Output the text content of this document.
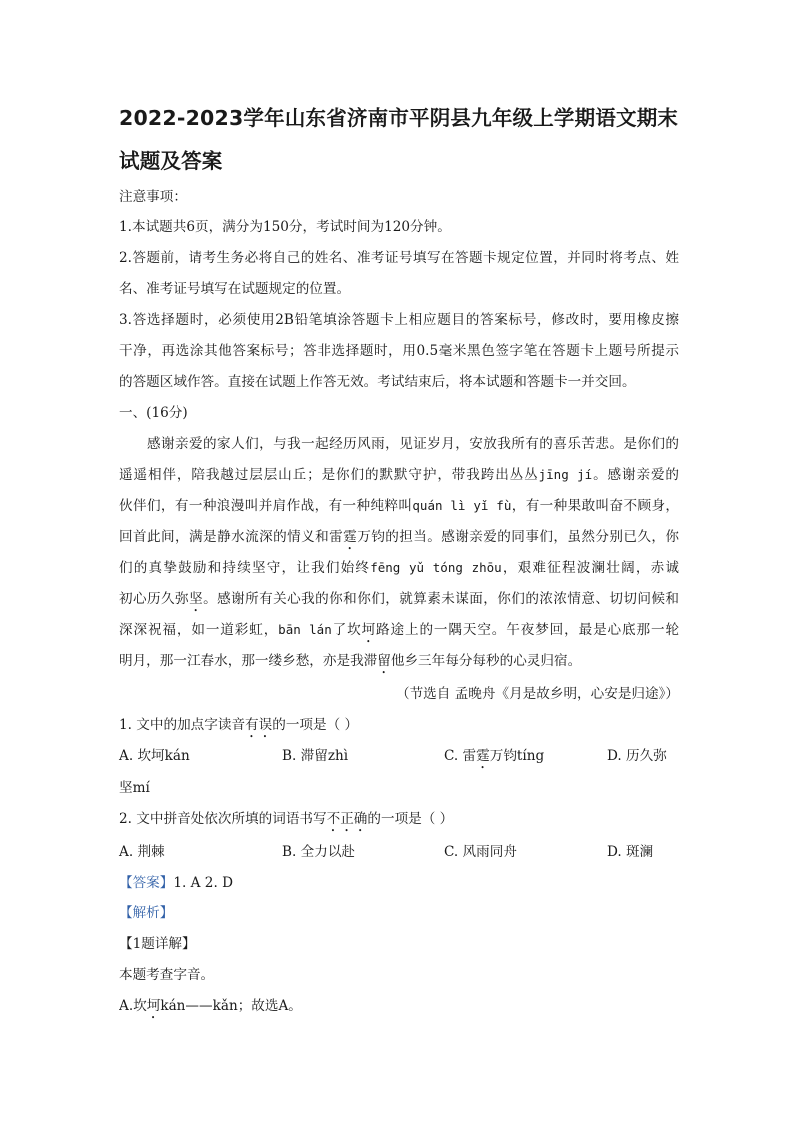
2022-2023学年山东省济南市平阴县九年级上学期语文期末
试题及答案
注意事项：
1.本试题共6页，满分为150分，考试时间为120分钟。
2.答题前，请考生务必将自己的姓名、准考证号填写在答题卡规定位置，并同时将考点、姓
名、准考证号填写在试题规定的位置。
3.答选择题时，必须使用2B铅笔填涂答题卡上相应题目的答案标号，修改时，要用橡皮擦
干净，再选涂其他答案标号；答非选择题时，用0.5毫米黑色签字笔在答题卡上题号所提示
的答题区域作答。直接在试题上作答无效。考试结束后，将本试题和答题卡一并交回。
一、(16分)
感谢亲爱的家人们，与我一起经历风雨，见证岁月，安放我所有的喜乐苦悲。是你们的
遥遥相伴，陪我越过层层山丘；是你们的默默守护，带我跨出丛丛jīng jí。感谢亲爱的
伙伴们，有一种浪漫叫并肩作战，有一种纯粹叫quán lì yǐ fù，有一种果敢叫奋不顾身，
回首此间，满是静水流深的情义和雷霆万钧的担当。感谢亲爱的同事们，虽然分别已久，你
们的真挚鼓励和持续坚守，让我们始终fēng yǔ tóng zhōu，艰难征程波澜壮阔，赤诚
初心历久弥坚。感谢所有关心我的你和你们，就算素未谋面，你们的浓浓情意、切切问候和
深深祝福，如一道彩虹，bān lán了坎坷路途上的一隅天空。午夜梦回，最是心底那一轮
明月，那一江春水，那一缕乡愁，亦是我滞留他乡三年每分每秒的心灵归宿。
（节选自 孟晚舟《月是故乡明，心安是归途》）
1. 文中的加点字读音有误的一项是（ ）
A. 坎坷kán	B. 滞留zhì	C. 雷霆万钧tíng	D. 历久弥
坚mí
2. 文中拼音处依次所填的词语书写不正确的一项是（ ）
A. 荆棘	B. 全力以赴	C. 风雨同舟	D. 斑澜
【答案】1. A 2. D
【解析】
【1题详解】
本题考查字音。
A.坎坷kán——kǎn；故选A。
